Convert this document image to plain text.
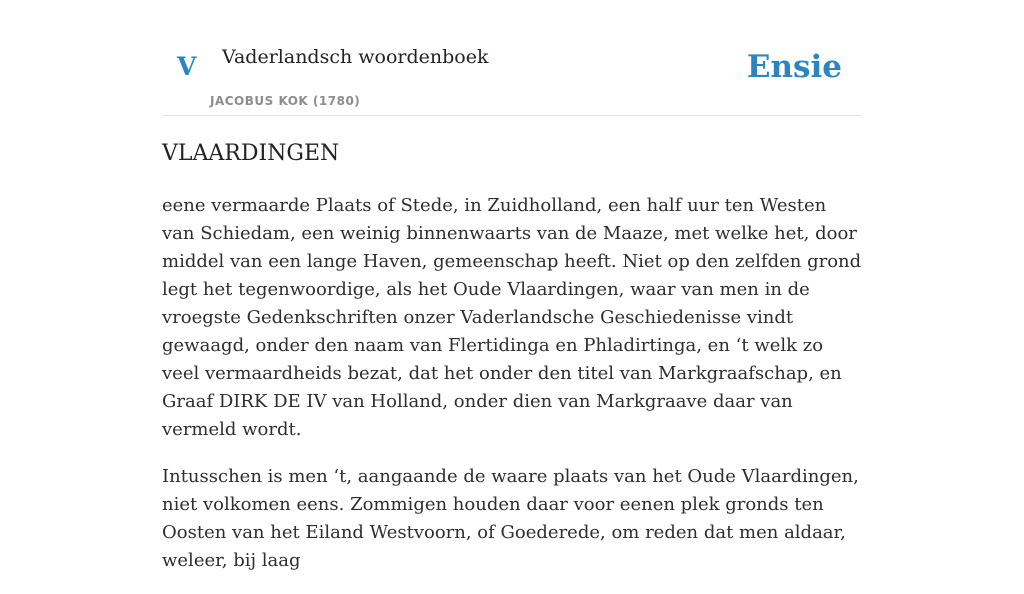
V Vaderlandsch woordenboek
JACOBUS KOK (1780)
Ensie
VLAARDINGEN

eene vermaarde Plaats of Stede, in Zuidholland, een half uur ten Westen van Schiedam, een weinig binnenwaarts van de Maaze, met welke het, door middel van een lange Haven, gemeenschap heeft. Niet op den zelfden grond legt het tegenwoordige, als het Oude Vlaardingen, waar van men in de vroegste Gedenkschriften onzer Vaderlandsche Geschiedenisse vindt gewaagd, onder den naam van Flertidinga en Phladirtinga, en ‘t welk zo veel vermaardheids bezat, dat het onder den titel van Markgraafschap, en Graaf DIRK DE IV van Holland, onder dien van Markgraave daar van vermeld wordt.

Intusschen is men ‘t, aangaande de waare plaats van het Oude Vlaardingen, niet volkomen eens. Zommigen houden daar voor eenen plek gronds ten Oosten van het Eiland Westvoorn, of Goederede, om reden dat men aldaar, weleer, bij laag
